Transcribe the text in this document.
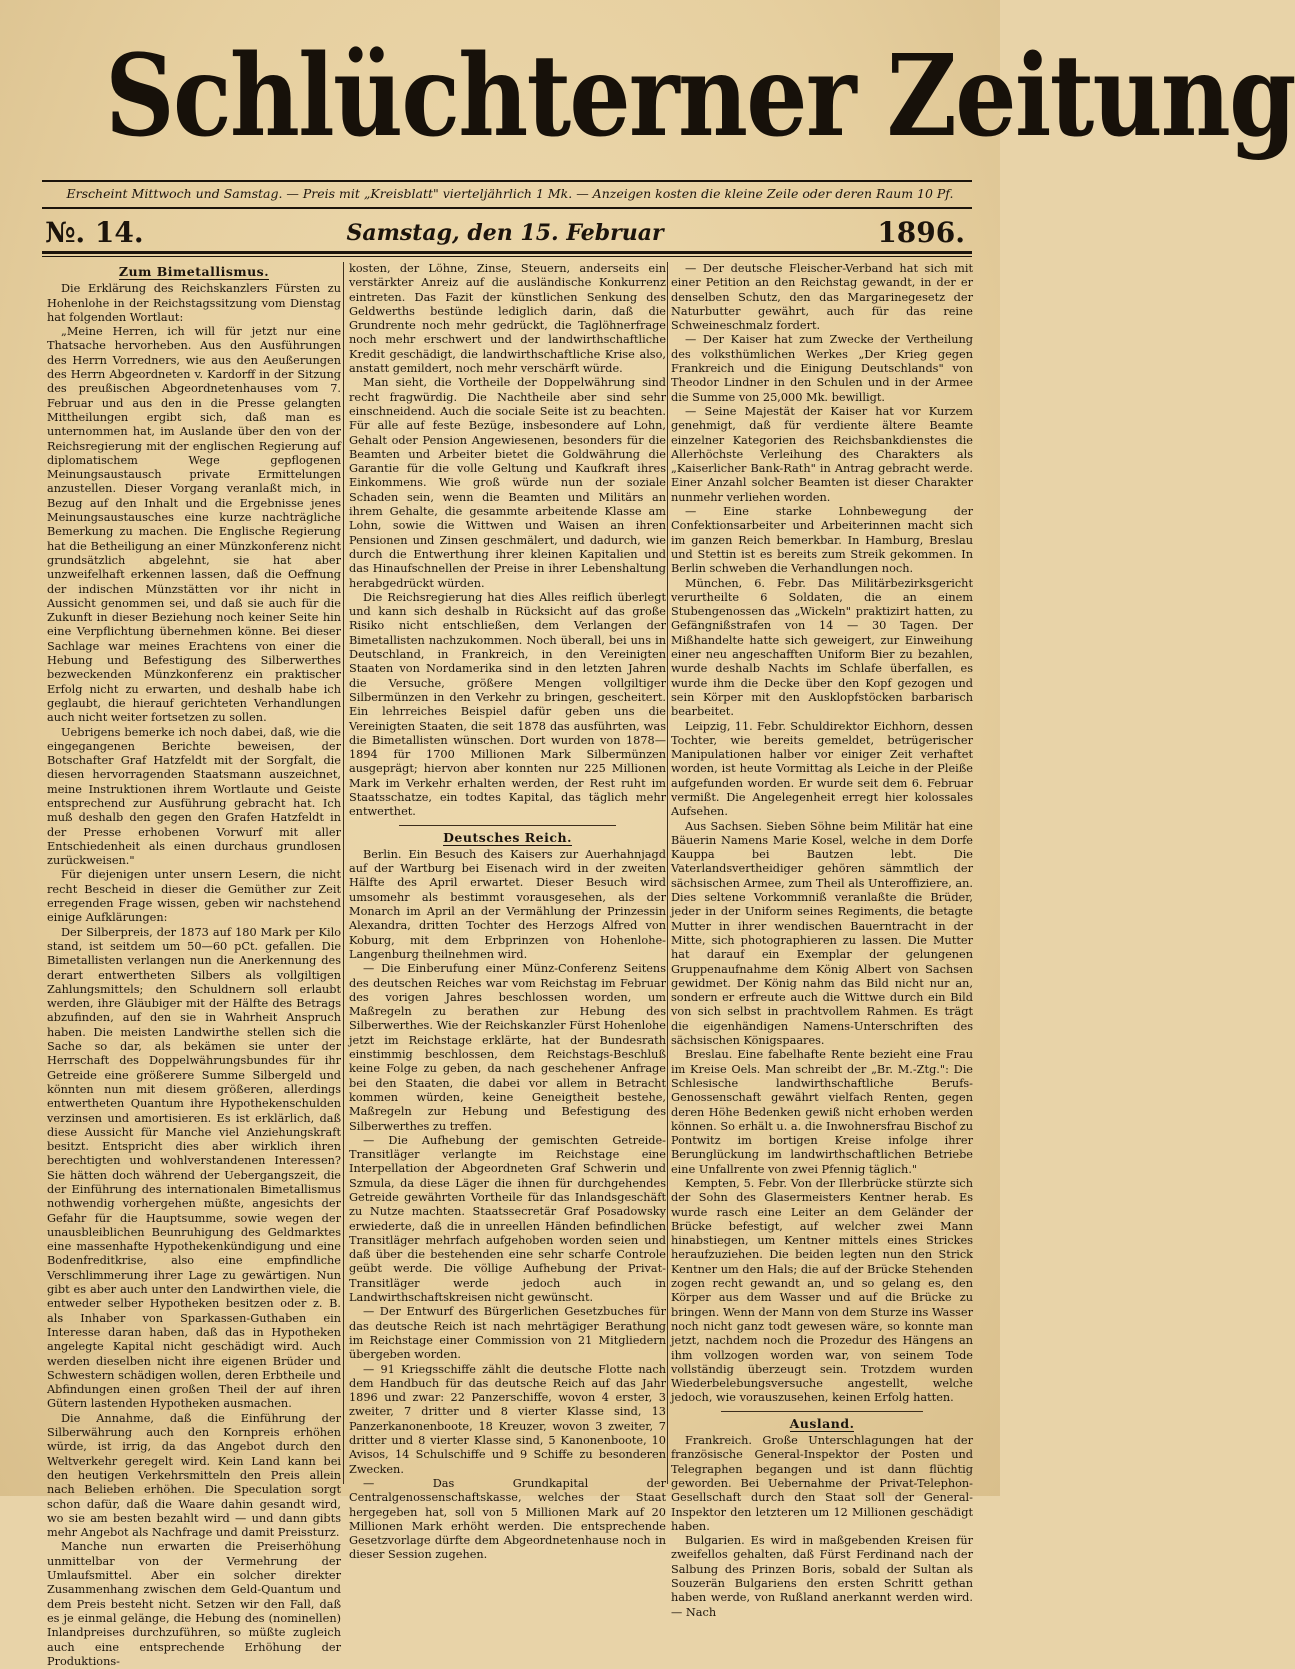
Schlüchterner Zeitung
Erscheint Mittwoch und Samstag. — Preis mit „Kreisblatt" vierteljährlich 1 Mk. — Anzeigen kosten die kleine Zeile oder deren Raum 10 Pf.
№. 14.	Samstag, den 15. Februar	1896.
Zum Bimetallismus.

Die Erklärung des Reichskanzlers Fürsten zu Hohenlohe in der Reichstagssitzung vom Dienstag hat folgenden Wortlaut:

„Meine Herren, ich will für jetzt nur eine Thatsache hervorheben. Aus den Ausführungen des Herrn Vorredners, wie aus den Aeußerungen des Herrn Abgeordneten v. Kardorff in der Sitzung des preußischen Abgeordnetenhauses vom 7. Februar und aus den in die Presse gelangten Mittheilungen ergibt sich, daß man es unternommen hat, im Auslande über den von der Reichsregierung mit der englischen Regierung auf diplomatischem Wege gepflogenen Meinungsaustausch private Ermittelungen anzustellen. Dieser Vorgang veranlaßt mich, in Bezug auf den Inhalt und die Ergebnisse jenes Meinungsaustausches eine kurze nachträgliche Bemerkung zu machen. Die Englische Regierung hat die Betheiligung an einer Münzkonferenz nicht grundsätzlich abgelehnt, sie hat aber unzweifelhaft erkennen lassen, daß die Oeffnung der indischen Münzstätten vor ihr nicht in Aussicht genommen sei, und daß sie auch für die Zukunft in dieser Beziehung noch keiner Seite hin eine Verpflichtung übernehmen könne. Bei dieser Sachlage war meines Erachtens von einer die Hebung und Befestigung des Silberwerthes bezweckenden Münzkonferenz ein praktischer Erfolg nicht zu erwarten, und deshalb habe ich geglaubt, die hierauf gerichteten Verhandlungen auch nicht weiter fortsetzen zu sollen.

Uebrigens bemerke ich noch dabei, daß, wie die eingegangenen Berichte beweisen, der Botschafter Graf Hatzfeldt mit der Sorgfalt, die diesen hervorragenden Staatsmann auszeichnet, meine Instruktionen ihrem Wortlaute und Geiste entsprechend zur Ausführung gebracht hat. Ich muß deshalb den gegen den Grafen Hatzfeldt in der Presse erhobenen Vorwurf mit aller Entschiedenheit als einen durchaus grundlosen zurückweisen."

Für diejenigen unter unsern Lesern, die nicht recht Bescheid in dieser die Gemüther zur Zeit erregenden Frage wissen, geben wir nachstehend einige Aufklärungen:

Der Silberpreis, der 1873 auf 180 Mark per Kilo stand, ist seitdem um 50—60 pCt. gefallen. Die Bimetallisten verlangen nun die Anerkennung des derart entwertheten Silbers als vollgiltigen Zahlungsmittels; den Schuldnern soll erlaubt werden, ihre Gläubiger mit der Hälfte des Betrags abzufinden, auf den sie in Wahrheit Anspruch haben. Die meisten Landwirthe stellen sich die Sache so dar, als bekämen sie unter der Herrschaft des Doppelwährungsbundes für ihr Getreide eine größerere Summe Silbergeld und könnten nun mit diesem größeren, allerdings entwertheten Quantum ihre Hypothekenschulden verzinsen und amortisieren. Es ist erklärlich, daß diese Aussicht für Manche viel Anziehungskraft besitzt. Entspricht dies aber wirklich ihren berechtigten und wohlverstandenen Interessen? Sie hätten doch während der Uebergangszeit, die der Einführung des internationalen Bimetallismus nothwendig vorhergehen müßte, angesichts der Gefahr für die Hauptsumme, sowie wegen der unausbleiblichen Beunruhigung des Geldmarktes eine massenhafte Hypothekenkündigung und eine Bodenfreditkrise, also eine empfindliche Verschlimmerung ihrer Lage zu gewärtigen. Nun gibt es aber auch unter den Landwirthen viele, die entweder selber Hypotheken besitzen oder z. B. als Inhaber von Sparkassen-Guthaben ein Interesse daran haben, daß das in Hypotheken angelegte Kapital nicht geschädigt wird. Auch werden dieselben nicht ihre eigenen Brüder und Schwestern schädigen wollen, deren Erbtheile und Abfindungen einen großen Theil der auf ihren Gütern lastenden Hypotheken ausmachen.

Die Annahme, daß die Einführung der Silberwährung auch den Kornpreis erhöhen würde, ist irrig, da das Angebot durch den Weltverkehr geregelt wird. Kein Land kann bei den heutigen Verkehrsmitteln den Preis allein nach Belieben erhöhen. Die Speculation sorgt schon dafür, daß die Waare dahin gesandt wird, wo sie am besten bezahlt wird — und dann gibts mehr Angebot als Nachfrage und damit Preissturz.

Manche nun erwarten die Preiserhöhung unmittelbar von der Vermehrung der Umlaufsmittel. Aber ein solcher direkter Zusammenhang zwischen dem Geld-Quantum und dem Preis besteht nicht. Setzen wir den Fall, daß es je einmal gelänge, die Hebung des (nominellen) Inlandpreises durchzuführen, so müßte zugleich auch eine entsprechende Erhöhung der Produktions-

kosten, der Löhne, Zinse, Steuern, anderseits ein verstärkter Anreiz auf die ausländische Konkurrenz eintreten. Das Fazit der künstlichen Senkung des Geldwerths bestünde lediglich darin, daß die Grundrente noch mehr gedrückt, die Taglöhnerfrage noch mehr erschwert und der landwirthschaftliche Kredit geschädigt, die landwirthschaftliche Krise also, anstatt gemildert, noch mehr verschärft würde.

Man sieht, die Vortheile der Doppelwährung sind recht fragwürdig. Die Nachtheile aber sind sehr einschneidend. Auch die sociale Seite ist zu beachten. Für alle auf feste Bezüge, insbesondere auf Lohn, Gehalt oder Pension Angewiesenen, besonders für die Beamten und Arbeiter bietet die Goldwährung die Garantie für die volle Geltung und Kaufkraft ihres Einkommens. Wie groß würde nun der soziale Schaden sein, wenn die Beamten und Militärs an ihrem Gehalte, die gesammte arbeitende Klasse am Lohn, sowie die Wittwen und Waisen an ihren Pensionen und Zinsen geschmälert, und dadurch, wie durch die Entwerthung ihrer kleinen Kapitalien und das Hinaufschnellen der Preise in ihrer Lebenshaltung herabgedrückt würden.

Die Reichsregierung hat dies Alles reiflich überlegt und kann sich deshalb in Rücksicht auf das große Risiko nicht entschließen, dem Verlangen der Bimetallisten nachzukommen. Noch überall, bei uns in Deutschland, in Frankreich, in den Vereinigten Staaten von Nordamerika sind in den letzten Jahren die Versuche, größere Mengen vollgiltiger Silbermünzen in den Verkehr zu bringen, gescheitert. Ein lehrreiches Beispiel dafür geben uns die Vereinigten Staaten, die seit 1878 das ausführten, was die Bimetallisten wünschen. Dort wurden von 1878—1894 für 1700 Millionen Mark Silbermünzen ausgeprägt; hiervon aber konnten nur 225 Millionen Mark im Verkehr erhalten werden, der Rest ruht im Staatsschatze, ein todtes Kapital, das täglich mehr entwerthet.

Deutsches Reich.

Berlin. Ein Besuch des Kaisers zur Auerhahnjagd auf der Wartburg bei Eisenach wird in der zweiten Hälfte des April erwartet. Dieser Besuch wird umsomehr als bestimmt vorausgesehen, als der Monarch im April an der Vermählung der Prinzessin Alexandra, dritten Tochter des Herzogs Alfred von Koburg, mit dem Erbprinzen von Hohenlohe-Langenburg theilnehmen wird.

— Die Einberufung einer Münz-Conferenz Seitens des deutschen Reiches war vom Reichstag im Februar des vorigen Jahres beschlossen worden, um Maßregeln zu berathen zur Hebung des Silberwerthes. Wie der Reichskanzler Fürst Hohenlohe jetzt im Reichstage erklärte, hat der Bundesrath einstimmig beschlossen, dem Reichstags-Beschluß keine Folge zu geben, da nach geschehener Anfrage bei den Staaten, die dabei vor allem in Betracht kommen würden, keine Geneigtheit bestehe, Maßregeln zur Hebung und Befestigung des Silberwerthes zu treffen.

— Die Aufhebung der gemischten Getreide-Transitläger verlangte im Reichstage eine Interpellation der Abgeordneten Graf Schwerin und Szmula, da diese Läger die ihnen für durchgehendes Getreide gewährten Vortheile für das Inlandsgeschäft zu Nutze machten. Staatssecretär Graf Posadowsky erwiederte, daß die in unreellen Händen befindlichen Transitläger mehrfach aufgehoben worden seien und daß über die bestehenden eine sehr scharfe Controle geübt werde. Die völlige Aufhebung der Privat-Transitläger werde jedoch auch in Landwirthschaftskreisen nicht gewünscht.

— Der Entwurf des Bürgerlichen Gesetzbuches für das deutsche Reich ist nach mehrtägiger Berathung im Reichstage einer Commission von 21 Mitgliedern übergeben worden.

— 91 Kriegsschiffe zählt die deutsche Flotte nach dem Handbuch für das deutsche Reich auf das Jahr 1896 und zwar: 22 Panzerschiffe, wovon 4 erster, 3 zweiter, 7 dritter und 8 vierter Klasse sind, 13 Panzerkanonenboote, 18 Kreuzer, wovon 3 zweiter, 7 dritter und 8 vierter Klasse sind, 5 Kanonenboote, 10 Avisos, 14 Schulschiffe und 9 Schiffe zu besonderen Zwecken.

— Das Grundkapital der Centralgenossenschaftskasse, welches der Staat hergegeben hat, soll von 5 Millionen Mark auf 20 Millionen Mark erhöht werden. Die entsprechende Gesetzvorlage dürfte dem Abgeordnetenhause noch in dieser Session zugehen.

— Der deutsche Fleischer-Verband hat sich mit einer Petition an den Reichstag gewandt, in der er denselben Schutz, den das Margarinegesetz der Naturbutter gewährt, auch für das reine Schweineschmalz fordert.

— Der Kaiser hat zum Zwecke der Vertheilung des volksthümlichen Werkes „Der Krieg gegen Frankreich und die Einigung Deutschlands" von Theodor Lindner in den Schulen und in der Armee die Summe von 25,000 Mk. bewilligt.

— Seine Majestät der Kaiser hat vor Kurzem genehmigt, daß für verdiente ältere Beamte einzelner Kategorien des Reichsbankdienstes die Allerhöchste Verleihung des Charakters als „Kaiserlicher Bank-Rath" in Antrag gebracht werde. Einer Anzahl solcher Beamten ist dieser Charakter nunmehr verliehen worden.

— Eine starke Lohnbewegung der Confektionsarbeiter und Arbeiterinnen macht sich im ganzen Reich bemerkbar. In Hamburg, Breslau und Stettin ist es bereits zum Streik gekommen. In Berlin schweben die Verhandlungen noch.

München, 6. Febr. Das Militärbezirksgericht verurtheilte 6 Soldaten, die an einem Stubengenossen das „Wickeln" praktizirt hatten, zu Gefängnißstrafen von 14 — 30 Tagen. Der Mißhandelte hatte sich geweigert, zur Einweihung einer neu angeschafften Uniform Bier zu bezahlen, wurde deshalb Nachts im Schlafe überfallen, es wurde ihm die Decke über den Kopf gezogen und sein Körper mit den Ausklopfstöcken barbarisch bearbeitet.

Leipzig, 11. Febr. Schuldirektor Eichhorn, dessen Tochter, wie bereits gemeldet, betrügerischer Manipulationen halber vor einiger Zeit verhaftet worden, ist heute Vormittag als Leiche in der Pleiße aufgefunden worden. Er wurde seit dem 6. Februar vermißt. Die Angelegenheit erregt hier kolossales Aufsehen.

Aus Sachsen. Sieben Söhne beim Militär hat eine Bäuerin Namens Marie Kosel, welche in dem Dorfe Kauppa bei Bautzen lebt. Die Vaterlandsvertheidiger gehören sämmtlich der sächsischen Armee, zum Theil als Unteroffiziere, an. Dies seltene Vorkommniß veranlaßte die Brüder, jeder in der Uniform seines Regiments, die betagte Mutter in ihrer wendischen Bauerntracht in der Mitte, sich photographieren zu lassen. Die Mutter hat darauf ein Exemplar der gelungenen Gruppenaufnahme dem König Albert von Sachsen gewidmet. Der König nahm das Bild nicht nur an, sondern er erfreute auch die Wittwe durch ein Bild von sich selbst in prachtvollem Rahmen. Es trägt die eigenhändigen Namens-Unterschriften des sächsischen Königspaares.

Breslau. Eine fabelhafte Rente bezieht eine Frau im Kreise Oels. Man schreibt der „Br. M.-Ztg.": Die Schlesische landwirthschaftliche Berufs-Genossenschaft gewährt vielfach Renten, gegen deren Höhe Bedenken gewiß nicht erhoben werden können. So erhält u. a. die Inwohnersfrau Bischof zu Pontwitz im bortigen Kreise infolge ihrer Berunglückung im landwirthschaftlichen Betriebe eine Unfallrente von zwei Pfennig täglich."

Kempten, 5. Febr. Von der Illerbrücke stürzte sich der Sohn des Glasermeisters Kentner herab. Es wurde rasch eine Leiter an dem Geländer der Brücke befestigt, auf welcher zwei Mann hinabstiegen, um Kentner mittels eines Strickes heraufzuziehen. Die beiden legten nun den Strick Kentner um den Hals; die auf der Brücke Stehenden zogen recht gewandt an, und so gelang es, den Körper aus dem Wasser und auf die Brücke zu bringen. Wenn der Mann von dem Sturze ins Wasser noch nicht ganz todt gewesen wäre, so konnte man jetzt, nachdem noch die Prozedur des Hängens an ihm vollzogen worden war, von seinem Tode vollständig überzeugt sein. Trotzdem wurden Wiederbelebungsversuche angestellt, welche jedoch, wie vorauszusehen, keinen Erfolg hatten.

Ausland.

Frankreich. Große Unterschlagungen hat der französische General-Inspektor der Posten und Telegraphen begangen und ist dann flüchtig geworden. Bei Uebernahme der Privat-Telephon-Gesellschaft durch den Staat soll der General-Inspektor den letzteren um 12 Millionen geschädigt haben.

Bulgarien. Es wird in maßgebenden Kreisen für zweifellos gehalten, daß Fürst Ferdinand nach der Salbung des Prinzen Boris, sobald der Sultan als Souzerän Bulgariens den ersten Schritt gethan haben werde, von Rußland anerkannt werden wird. — Nach
